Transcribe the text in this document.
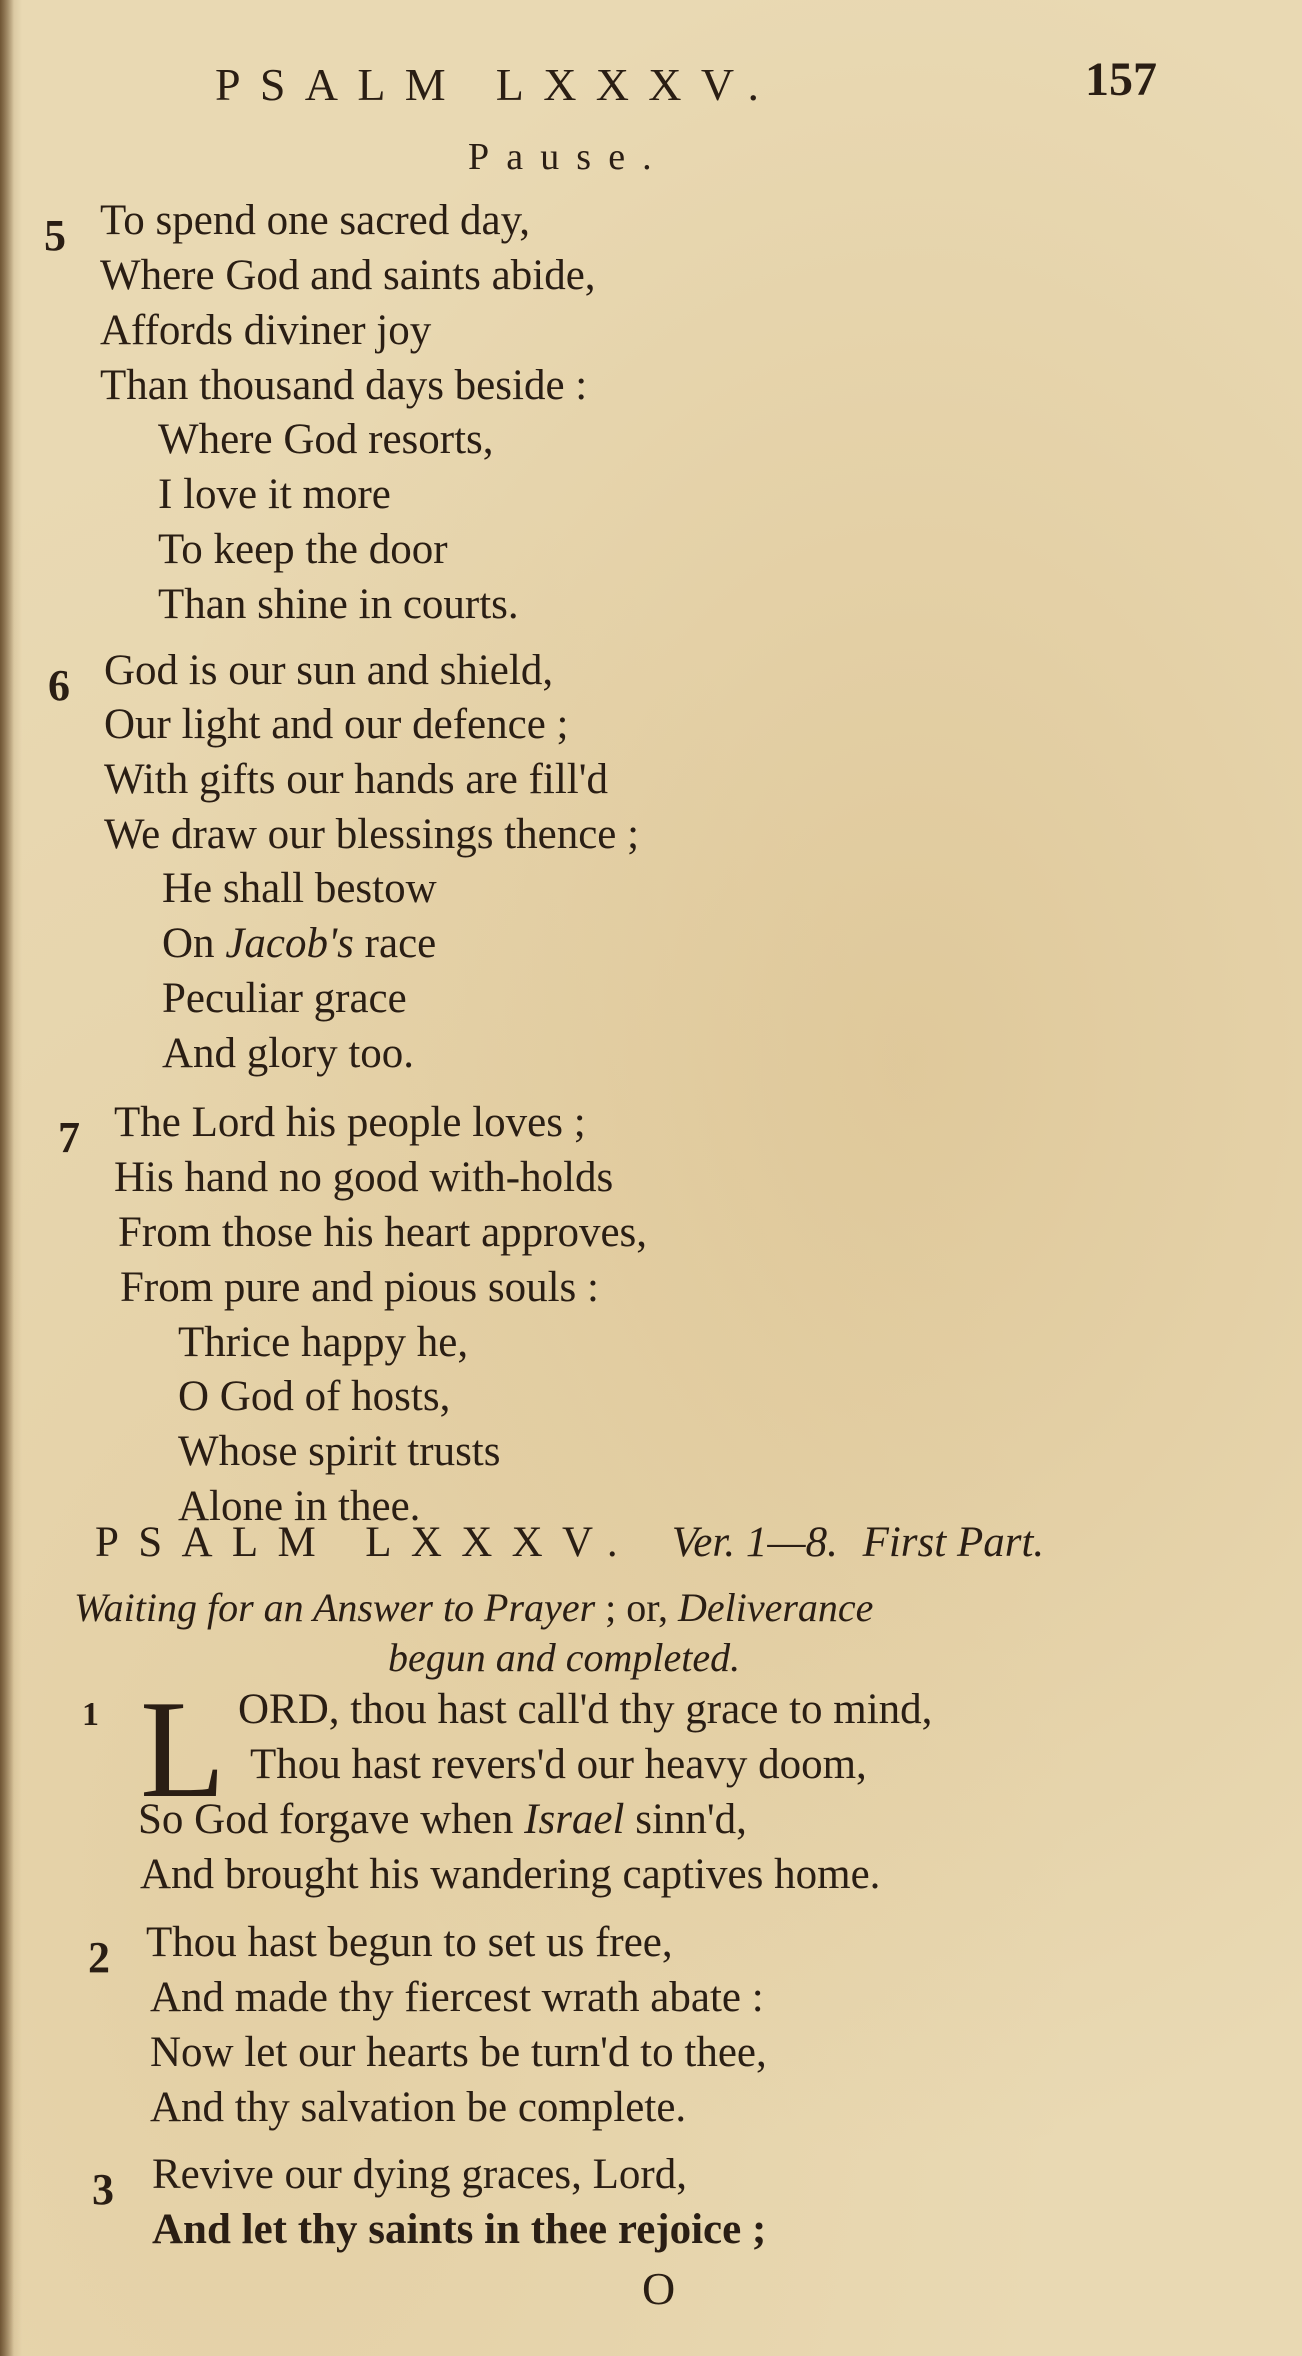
PSALM LXXXV.	157
Pause.
5 To spend one sacred day,
Where God and saints abide,
Affords diviner joy
Than thousand days beside :
Where God resorts,
I love it more
To keep the door
Than shine in courts.
6 God is our sun and shield,
Our light and our defence ;
With gifts our hands are fill'd
We draw our blessings thence ;
He shall bestow
On Jacob's race
Peculiar grace
And glory too.
7 The Lord his people loves ;
His hand no good with-holds
From those his heart approves,
From pure and pious souls :
Thrice happy he,
O God of hosts,
Whose spirit trusts
Alone in thee.
PSALM LXXXV. Ver. 1—8. First Part.
Waiting for an Answer to Prayer ; or, Deliverance
begun and completed.
1 L ORD, thou hast call'd thy grace to mind,
Thou hast revers'd our heavy doom,
So God forgave when Israel sinn'd,
And brought his wandering captives home.
2 Thou hast begun to set us free,
And made thy fiercest wrath abate :
Now let our hearts be turn'd to thee,
And thy salvation be complete.
3 Revive our dying graces, Lord,
And let thy saints in thee rejoice ;
O
